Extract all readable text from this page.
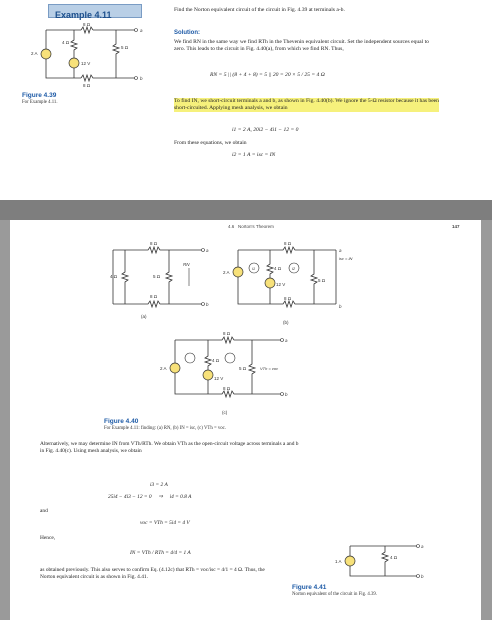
Example 4.11	Find the Norton equivalent circuit of the circuit in Fig. 4.39 at terminals a-b.
Solution:
We find RN in the same way we find RTh in the Thevenin equivalent circuit. Set the independent sources equal to zero. This leads to the circuit in Fig. 4.40(a), from which we find RN. Thus,
RN = 5 || (8 + 4 + 8) = 5 || 20 = 20 × 5 / 25 = 4 Ω
To find IN, we short-circuit terminals a and b, as shown in Fig. 4.40(b). We ignore the 5-Ω resistor because it has been short-circuited. Applying mesh analysis, we obtain
i1 = 2 A, 20i2 − 4i1 − 12 = 0
From these equations, we obtain
i2 = 1 A = isc = IN
8 Ω
4 Ω
5 Ω
8 Ω
2 A
12 V
a
b
Figure 4.39
For Example 4.11.
4.6 Norton's Theorem	147
8 Ω
4 Ω	5 Ω
8 Ω
RN
a
b
(a)
i1	i2
8 Ω
4 Ω
5 Ω
8 Ω
2 A
12 V
isc = IN
a
b
(b)
8 Ω
4 Ω
5 Ω
8 Ω
2 A
12 V
VTh = voc
a
b
(c)
Figure 4.40
For Example 4.11: finding: (a) RN, (b) IN = isc, (c) VTh = voc.
Alternatively, we may determine IN from VTh/RTh. We obtain VTh as the open-circuit voltage across terminals a and b in Fig. 4.40(c). Using mesh analysis, we obtain
i3 = 2 A
25i4 − 4i3 − 12 = 0 ⇒ i4 = 0.8 A
and
voc = VTh = 5i4 = 4 V
Hence,
IN = VTh / RTh = 4/4 = 1 A
as obtained previously. This also serves to confirm Eq. (4.12c) that RTh = voc/isc = 4/1 = 4 Ω. Thus, the Norton equivalent circuit is as shown in Fig. 4.41.
1 A
4 Ω
a
b
Figure 4.41
Norton equivalent of the circuit in Fig. 4.39.
